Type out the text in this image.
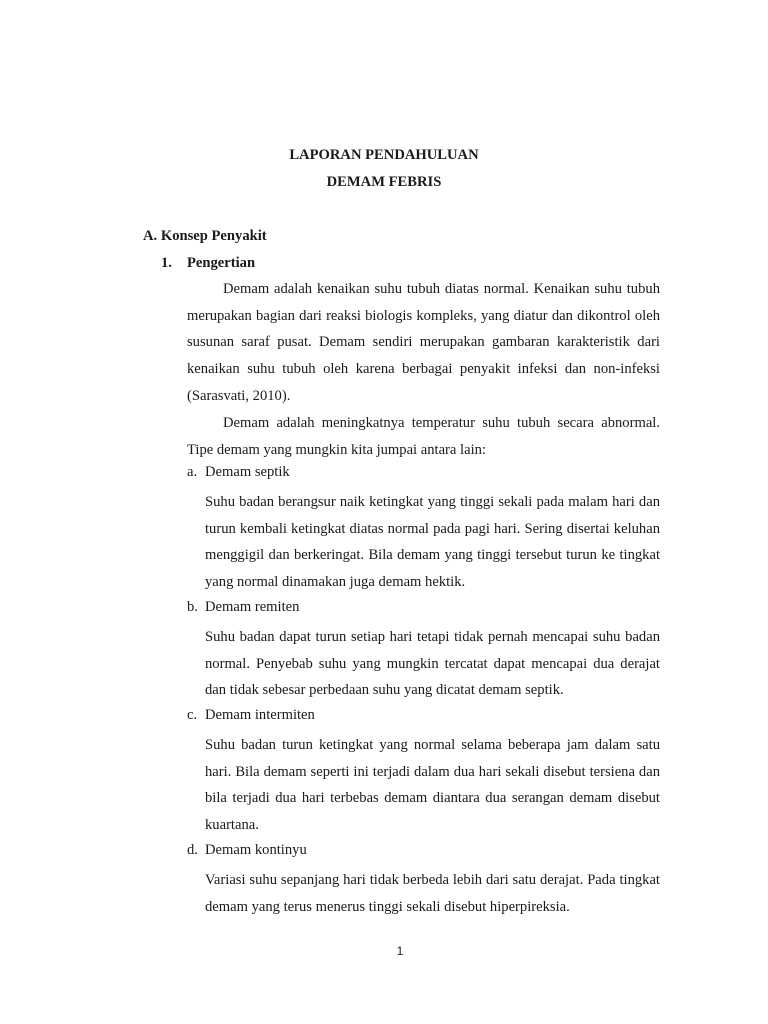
LAPORAN PENDAHULUAN
DEMAM FEBRIS
A. Konsep Penyakit
1. Pengertian
Demam adalah kenaikan suhu tubuh diatas normal. Kenaikan suhu tubuh merupakan bagian dari reaksi biologis kompleks, yang diatur dan dikontrol oleh susunan saraf pusat. Demam sendiri merupakan gambaran karakteristik dari kenaikan suhu tubuh oleh karena berbagai penyakit infeksi dan non-infeksi (Sarasvati, 2010).
Demam adalah meningkatnya temperatur suhu tubuh secara abnormal. Tipe demam yang mungkin kita jumpai antara lain:
a. Demam septik
Suhu badan berangsur naik ketingkat yang tinggi sekali pada malam hari dan turun kembali ketingkat diatas normal pada pagi hari. Sering disertai keluhan menggigil dan berkeringat. Bila demam yang tinggi tersebut turun ke tingkat yang normal dinamakan juga demam hektik.
b. Demam remiten
Suhu badan dapat turun setiap hari tetapi tidak pernah mencapai suhu badan normal. Penyebab suhu yang mungkin tercatat dapat mencapai dua derajat dan tidak sebesar perbedaan suhu yang dicatat demam septik.
c. Demam intermiten
Suhu badan turun ketingkat yang normal selama beberapa jam dalam satu hari. Bila demam seperti ini terjadi dalam dua hari sekali disebut tersiena dan bila terjadi dua hari terbebas demam diantara dua serangan demam disebut kuartana.
d. Demam kontinyu
Variasi suhu sepanjang hari tidak berbeda lebih dari satu derajat. Pada tingkat demam yang terus menerus tinggi sekali disebut hiperpireksia.
1
